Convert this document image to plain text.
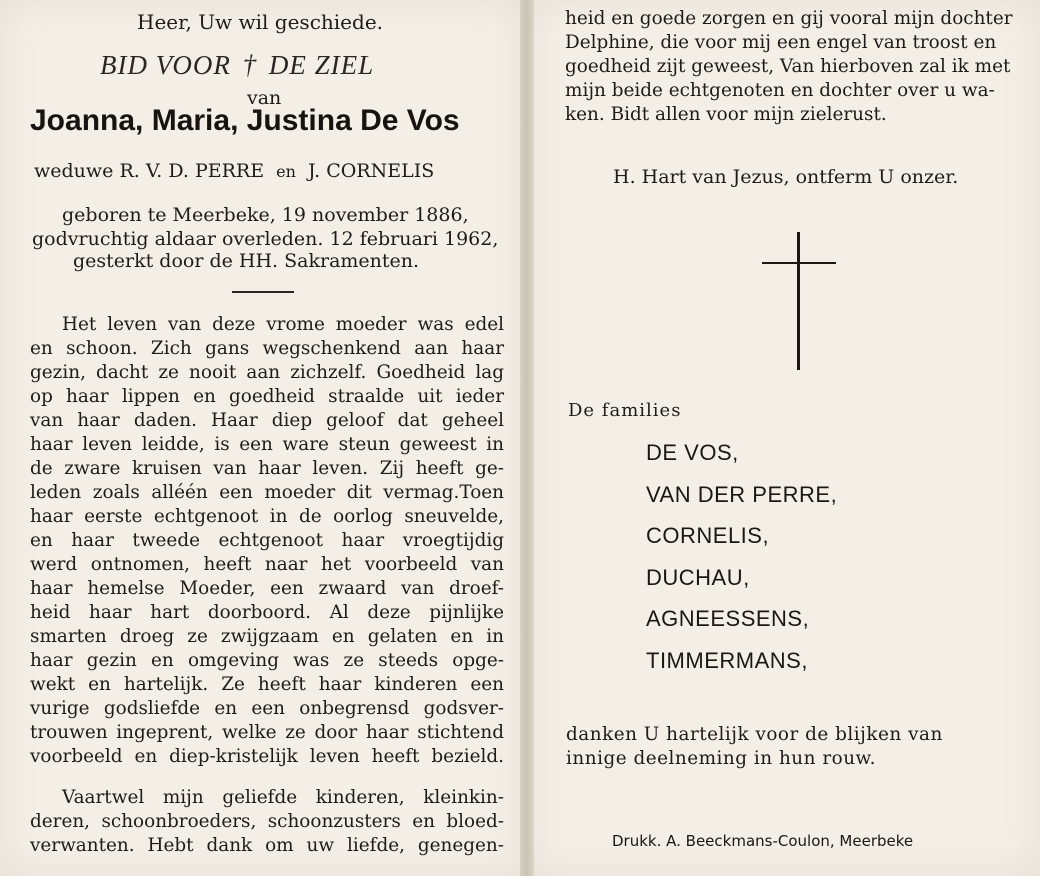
Heer, Uw wil geschiede.

BID VOOR † DE ZIEL

van

Joanna, Maria, Justina De Vos

weduwe R. V. D. PERRE en J. CORNELIS

geboren te Meerbeke, 19 november 1886,

godvruchtig aldaar overleden. 12 februari 1962,

gesterkt door de HH. Sakramenten.

Het leven van deze vrome moeder was edel

en schoon. Zich gans wegschenkend aan haar

gezin, dacht ze nooit aan zichzelf. Goedheid lag

op haar lippen en goedheid straalde uit ieder

van haar daden. Haar diep geloof dat geheel

haar leven leidde, is een ware steun geweest in

de zware kruisen van haar leven. Zij heeft ge-

leden zoals alléén een moeder dit vermag.Toen

haar eerste echtgenoot in de oorlog sneuvelde,

en haar tweede echtgenoot haar vroegtijdig

werd ontnomen, heeft naar het voorbeeld van

haar hemelse Moeder, een zwaard van droef-

heid haar hart doorboord. Al deze pijnlijke

smarten droeg ze zwijgzaam en gelaten en in

haar gezin en omgeving was ze steeds opge-

wekt en hartelijk. Ze heeft haar kinderen een

vurige godsliefde en een onbegrensd godsver-

trouwen ingeprent, welke ze door haar stichtend

voorbeeld en diep-kristelijk leven heeft bezield.

Vaartwel mijn geliefde kinderen, kleinkin-

deren, schoonbroeders, schoonzusters en bloed-

verwanten. Hebt dank om uw liefde, genegen-

heid en goede zorgen en gij vooral mijn dochter

Delphine, die voor mij een engel van troost en

goedheid zijt geweest, Van hierboven zal ik met

mijn beide echtgenoten en dochter over u wa-

ken. Bidt allen voor mijn zielerust.

H. Hart van Jezus, ontferm U onzer.

De families

DE VOS,

VAN DER PERRE,

CORNELIS,

DUCHAU,

AGNEESSENS,

TIMMERMANS,

danken U hartelijk voor de blijken van

innige deelneming in hun rouw.

Drukk. A. Beeckmans-Coulon, Meerbeke
